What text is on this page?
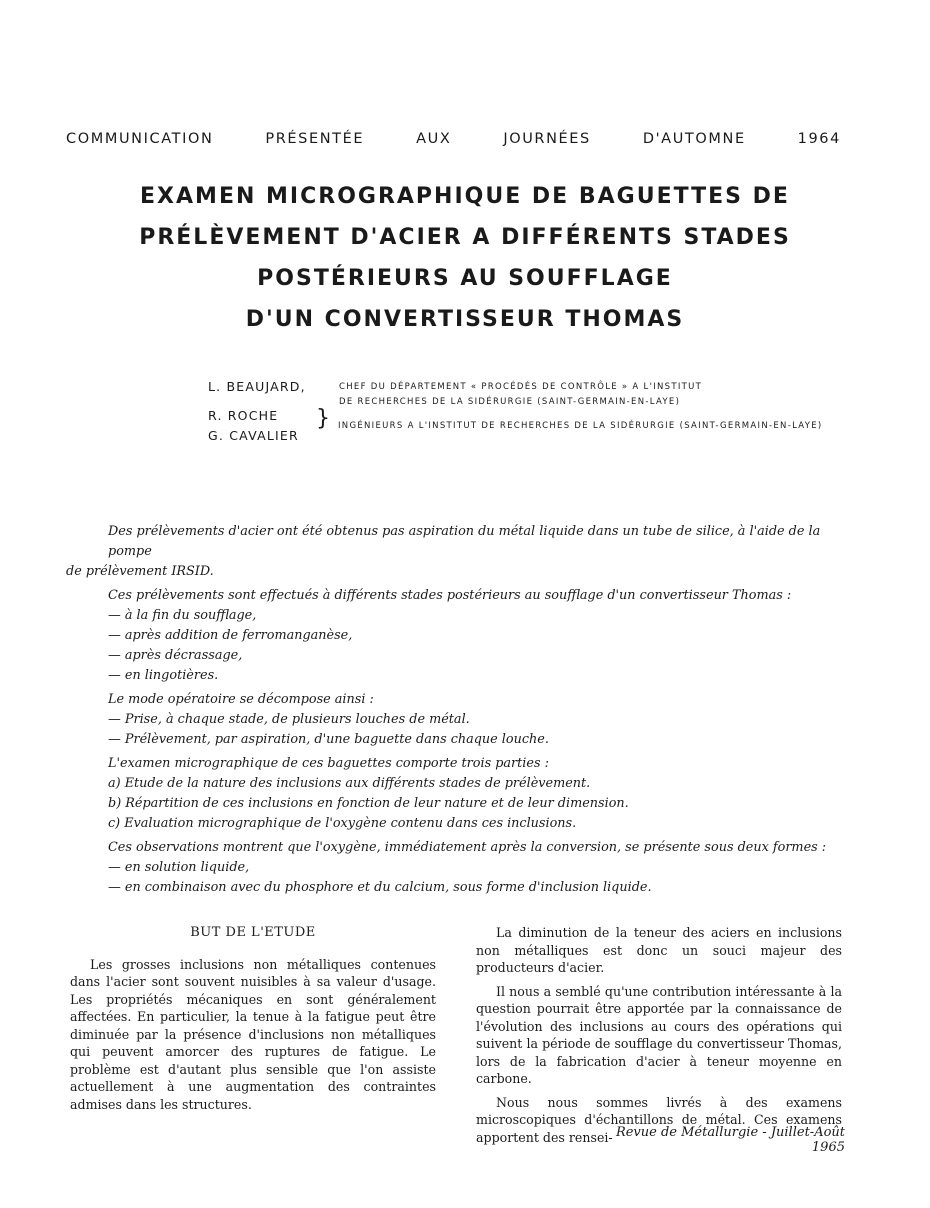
COMMUNICATION	PRÉSENTÉE	AUX	JOURNÉES	D'AUTOMNE	1964
EXAMEN MICROGRAPHIQUE DE BAGUETTES DE
PRÉLÈVEMENT D'ACIER A DIFFÉRENTS STADES
POSTÉRIEURS AU SOUFFLAGE
D'UN CONVERTISSEUR THOMAS
L. BEAUJARD,	CHEF DU DÉPARTEMENT « PROCÉDÉS DE CONTRÔLE » A L'INSTITUT
DE RECHERCHES DE LA SIDÉRURGIE (SAINT-GERMAIN-EN-LAYE)
R. ROCHE
G. CAVALIER
} INGÉNIEURS A L'INSTITUT DE RECHERCHES DE LA SIDÉRURGIE (SAINT-GERMAIN-EN-LAYE)

Des prélèvements d'acier ont été obtenus pas aspiration du métal liquide dans un tube de silice, à l'aide de la pompe

de prélèvement IRSID.

Ces prélèvements sont effectués à différents stades postérieurs au soufflage d'un convertisseur Thomas :

— à la fin du soufflage,

— après addition de ferromanganèse,

— après décrassage,

— en lingotières.

Le mode opératoire se décompose ainsi :

— Prise, à chaque stade, de plusieurs louches de métal.

— Prélèvement, par aspiration, d'une baguette dans chaque louche.

L'examen micrographique de ces baguettes comporte trois parties :

a) Etude de la nature des inclusions aux différents stades de prélèvement.

b) Répartition de ces inclusions en fonction de leur nature et de leur dimension.

c) Evaluation micrographique de l'oxygène contenu dans ces inclusions.

Ces observations montrent que l'oxygène, immédiatement après la conversion, se présente sous deux formes :

— en solution liquide,

— en combinaison avec du phosphore et du calcium, sous forme d'inclusion liquide.

BUT DE L'ETUDE

Les grosses inclusions non métalliques contenues dans l'acier sont souvent nuisibles à sa valeur d'usage. Les propriétés mécaniques en sont généralement affectées. En particulier, la tenue à la fatigue peut être diminuée par la présence d'inclusions non métalliques qui peuvent amorcer des ruptures de fatigue. Le problème est d'autant plus sensible que l'on assiste actuellement à une augmentation des contraintes admises dans les structures.

La diminution de la teneur des aciers en inclusions non métalliques est donc un souci majeur des producteurs d'acier.

Il nous a semblé qu'une contribution intéressante à la question pourrait être apportée par la connaissance de l'évolution des inclusions au cours des opérations qui suivent la période de soufflage du convertisseur Thomas, lors de la fabrication d'acier à teneur moyenne en carbone.

Nous nous sommes livrés à des examens microscopiques d'échantillons de métal. Ces examens apportent des rensei- Revue de Métallurgie - Juillet-Août 1965
